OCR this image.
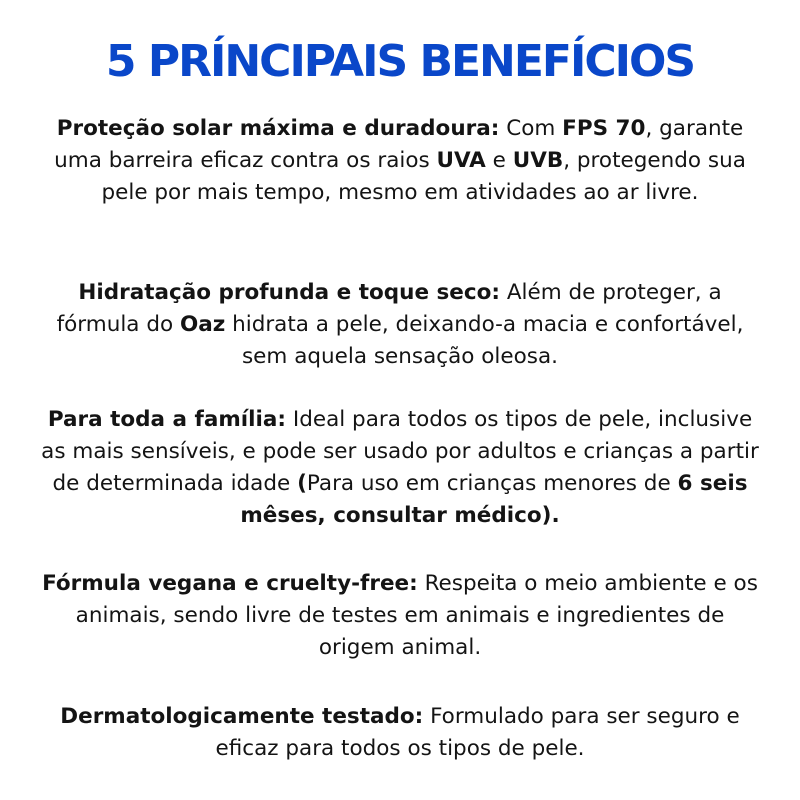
5 PRÍNCIPAIS BENEFÍCIOS

Proteção solar máxima e duradoura: Com FPS 70, garante uma barreira eficaz contra os raios UVA e UVB, protegendo sua pele por mais tempo, mesmo em atividades ao ar livre.

Hidratação profunda e toque seco: Além de proteger, a fórmula do Oaz hidrata a pele, deixando-a macia e confortável, sem aquela sensação oleosa.

Para toda a família: Ideal para todos os tipos de pele, inclusive as mais sensíveis, e pode ser usado por adultos e crianças a partir de determinada idade (Para uso em crianças menores de 6 seis mêses, consultar médico).

Fórmula vegana e cruelty-free: Respeita o meio ambiente e os animais, sendo livre de testes em animais e ingredientes de origem animal.

Dermatologicamente testado: Formulado para ser seguro e eficaz para todos os tipos de pele.
